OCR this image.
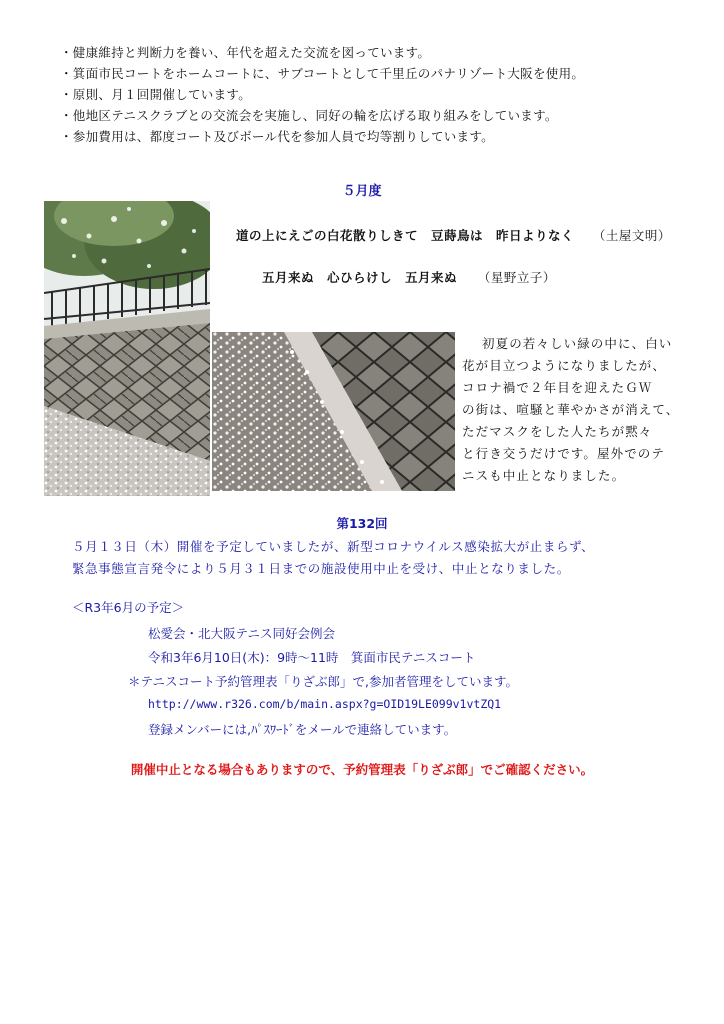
・健康維持と判断力を養い、年代を超えた交流を図っています。
・箕面市民コートをホームコートに、サブコートとして千里丘のパナリゾート大阪を使用。
・原則、月１回開催しています。
・他地区テニスクラブとの交流会を実施し、同好の輪を広げる取り組みをしています。
・参加費用は、都度コート及びボール代を参加人員で均等割りしています。
５月度
道の上にえごの白花散りしきて　豆蒔鳥は　昨日よりなく （土屋文明）
五月来ぬ　心ひらけし　五月来ぬ （星野立子）
初夏の若々しい緑の中に、白い
花が目立つようになりましたが、
コロナ禍で２年目を迎えたＧＷ
の街は、喧騒と華やかさが消えて、
ただマスクをした人たちが黙々
と行き交うだけです。屋外でのテ
ニスも中止となりました。
第132回
５月１３日（木）開催を予定していましたが、新型コロナウイルス感染拡大が止まらず、
緊急事態宣言発令により５月３１日までの施設使用中止を受け、中止となりました。
＜R3年6月の予定＞
松愛会・北大阪テニス同好会例会
令和3年6月10日(木)：9時～11時　箕面市民テニスコート
＊テニスコート予約管理表「りざぶ郎」で,参加者管理をしています。
http://www.r326.com/b/main.aspx?g=OID19LE099v1vtZQ1
登録メンバーには,ﾊﾟｽﾜｰﾄﾞをメールで連絡しています。
開催中止となる場合もありますので、予約管理表「りざぶ郎」でご確認ください。
